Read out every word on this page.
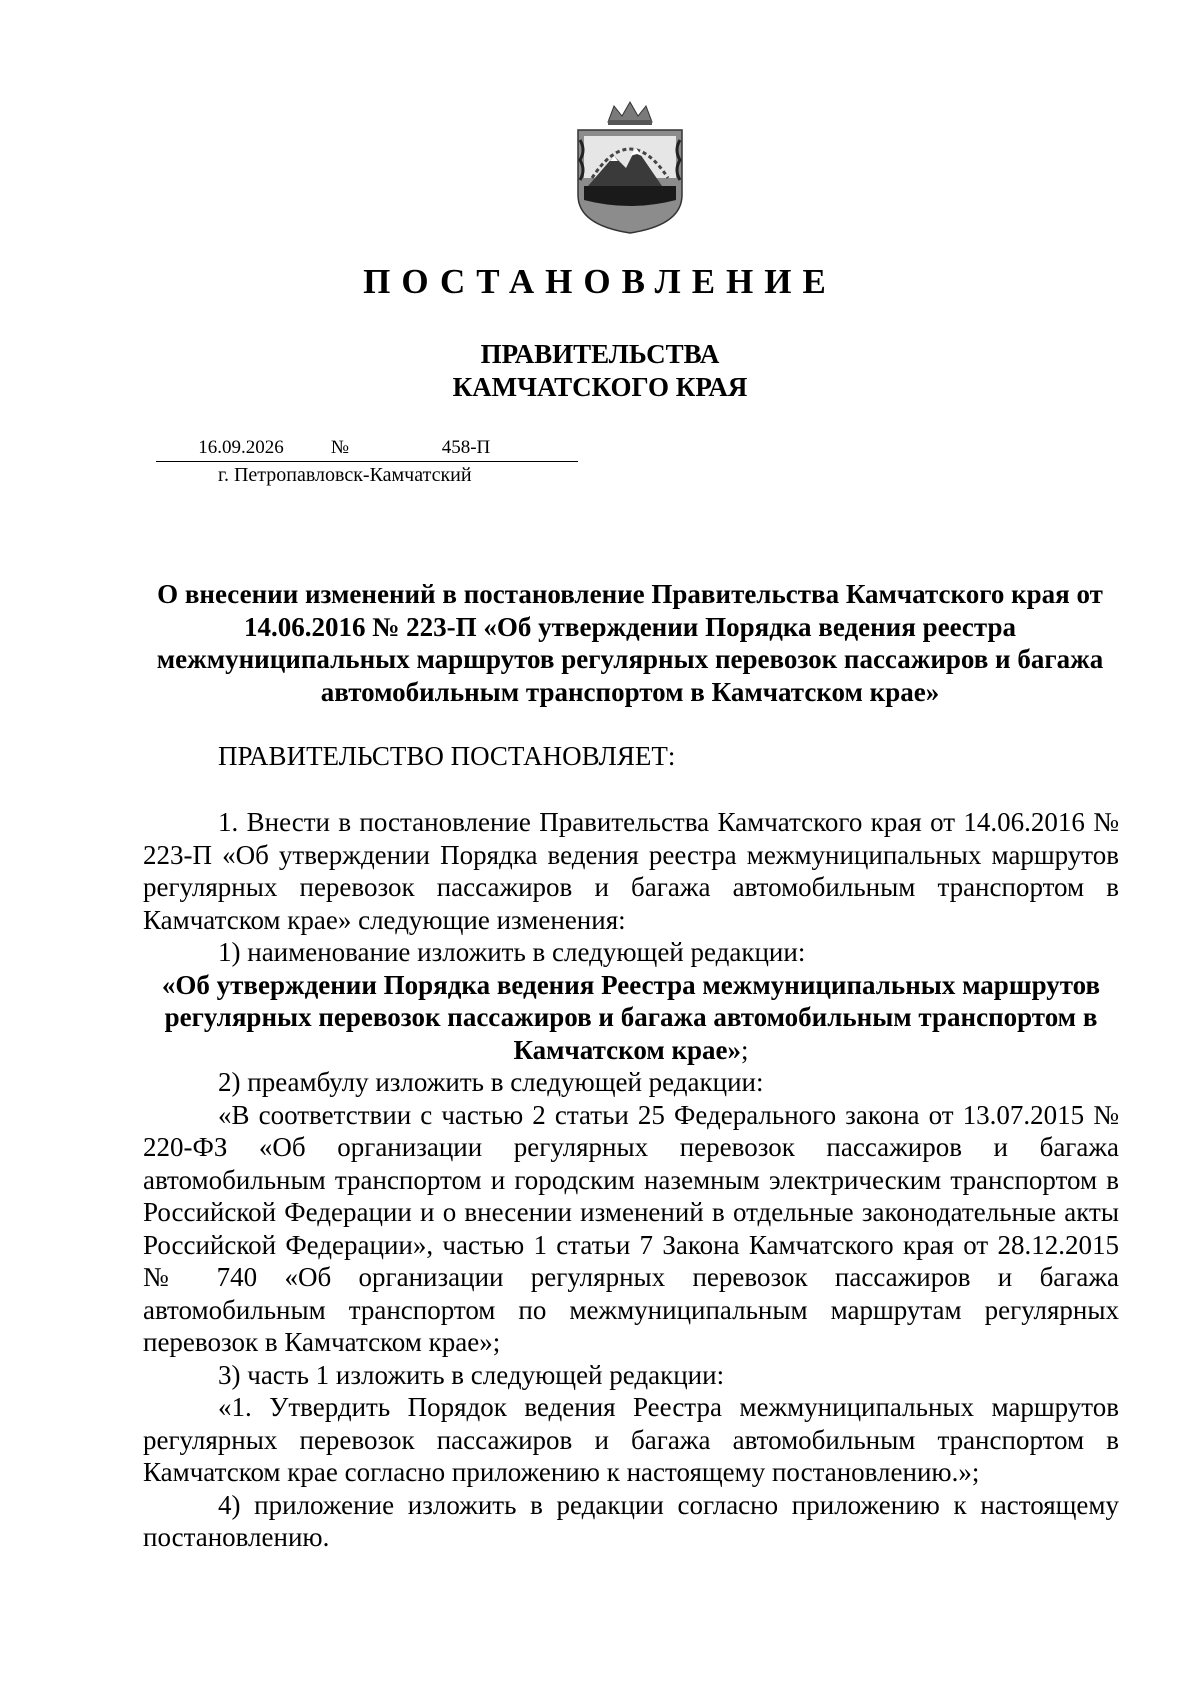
ПОСТАНОВЛЕНИЕ
ПРАВИТЕЛЬСТВА
КАМЧАТСКОГО КРАЯ
16.09.2026	№	458-П
г. Петропавловск-Камчатский
О внесении изменений в постановление Правительства Камчатского края от 14.06.2016 № 223-П «Об утверждении Порядка ведения реестра межмуниципальных маршрутов регулярных перевозок пассажиров и багажа автомобильным транспортом в Камчатском крае»
ПРАВИТЕЛЬСТВО ПОСТАНОВЛЯЕТ:

1. Внести в постановление Правительства Камчатского края от 14.06.2016 № 223-П «Об утверждении Порядка ведения реестра межмуниципальных маршрутов регулярных перевозок пассажиров и багажа автомобильным транспортом в Камчатском крае» следующие изменения:

1) наименование изложить в следующей редакции:

«Об утверждении Порядка ведения Реестра межмуниципальных маршрутов регулярных перевозок пассажиров и багажа автомобильным транспортом в Камчатском крае»;

2) преамбулу изложить в следующей редакции:

«В соответствии с частью 2 статьи 25 Федерального закона от 13.07.2015 № 220-ФЗ «Об организации регулярных перевозок пассажиров и багажа автомобильным транспортом и городским наземным электрическим транспортом в Российской Федерации и о внесении изменений в отдельные законодательные акты Российской Федерации», частью 1 статьи 7 Закона Камчатского края от 28.12.2015 № 740 «Об организации регулярных перевозок пассажиров и багажа автомобильным транспортом по межмуниципальным маршрутам регулярных перевозок в Камчатском крае»;

3) часть 1 изложить в следующей редакции:

«1. Утвердить Порядок ведения Реестра межмуниципальных маршрутов регулярных перевозок пассажиров и багажа автомобильным транспортом в Камчатском крае согласно приложению к настоящему постановлению.»;

4) приложение изложить в редакции согласно приложению к настоящему постановлению.
